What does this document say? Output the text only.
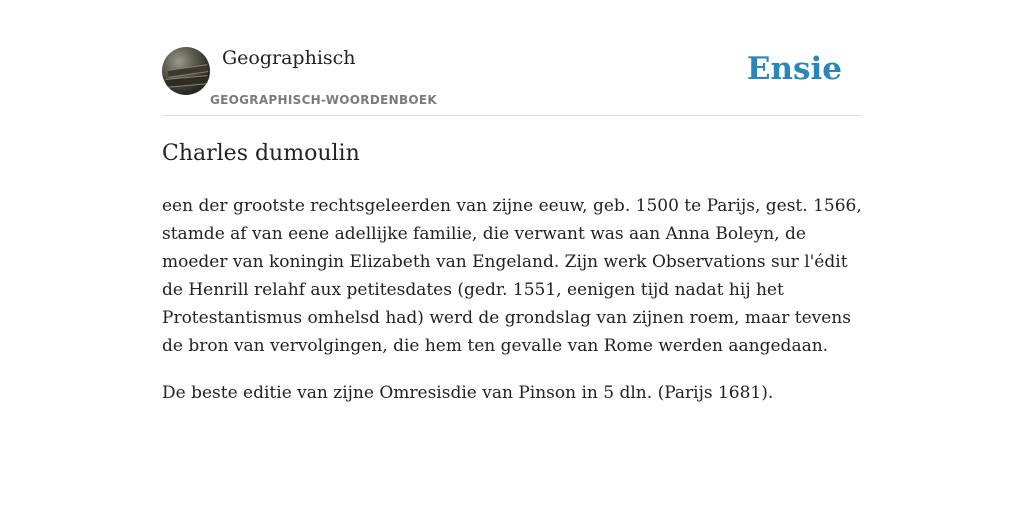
Geographisch
GEOGRAPHISCH-WOORDENBOEK
Ensie
Charles dumoulin

een der grootste rechtsgeleerden van zijne eeuw, geb. 1500 te Parijs, gest. 1566, stamde af van eene adellijke familie, die verwant was aan Anna Boleyn, de moeder van koningin Elizabeth van Engeland. Zijn werk Observations sur l'édit de Henrill relahf aux petitesdates (gedr. 1551, eenigen tijd nadat hij het Protestantismus omhelsd had) werd de grondslag van zijnen roem, maar tevens de bron van vervolgingen, die hem ten gevalle van Rome werden aangedaan.

De beste editie van zijne Omresisdie van Pinson in 5 dln. (Parijs 1681).
